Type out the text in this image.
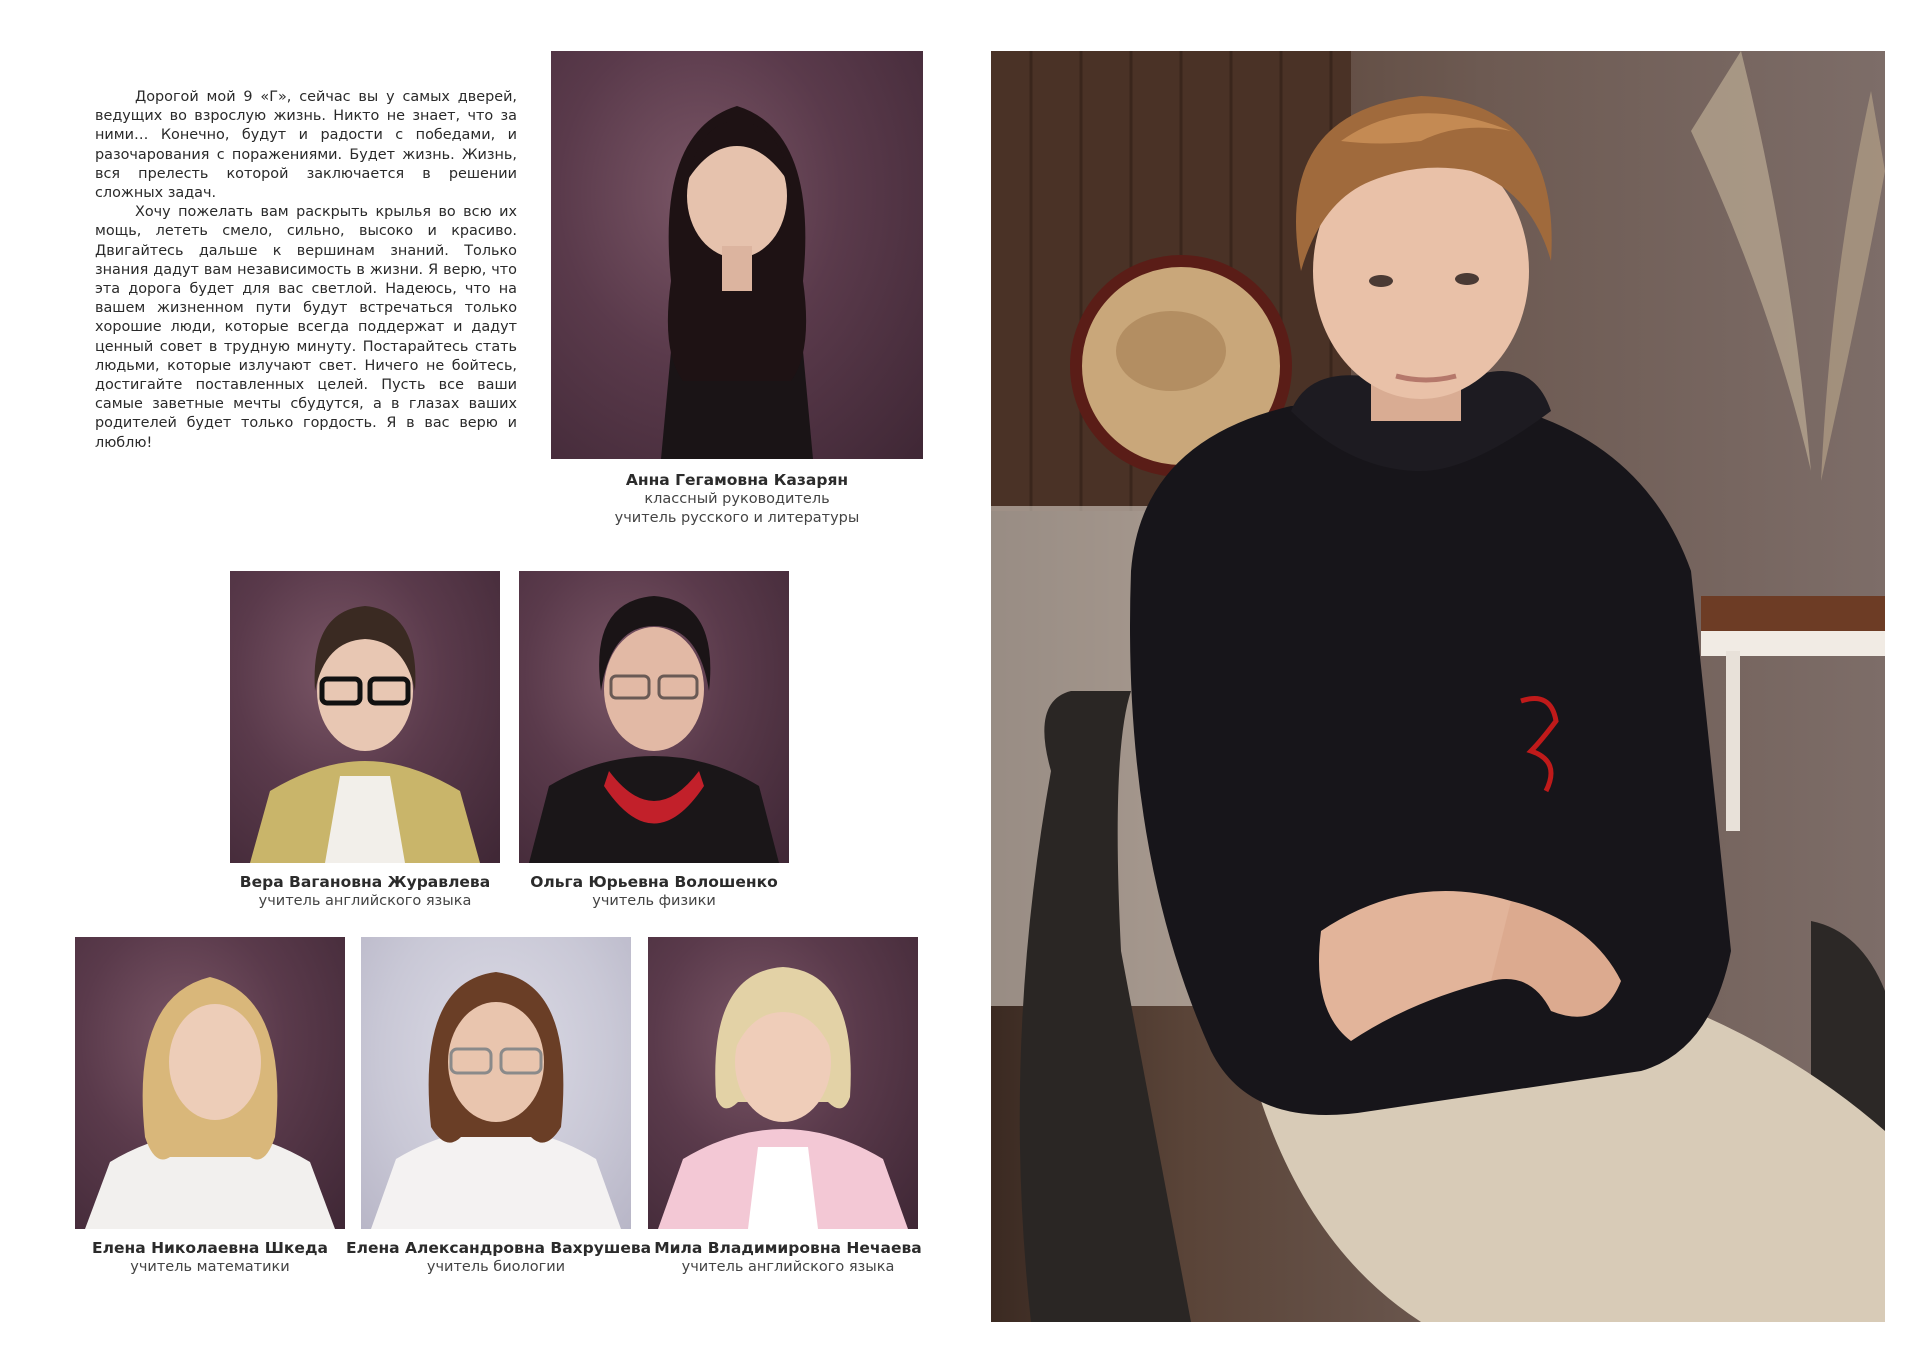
Дорогой мой 9 «Г», сейчас вы у самых дверей, ведущих во взрослую жизнь. Никто не знает, что за ними… Конечно, будут и радости с победами, и разочарования с поражениями. Будет жизнь. Жизнь, вся прелесть которой заключается в решении сложных задач.

Хочу пожелать вам раскрыть крылья во всю их мощь, лететь смело, сильно, высоко и красиво. Двигайтесь дальше к вершинам знаний. Только знания дадут вам независимость в жизни. Я верю, что эта дорога будет для вас светлой. Надеюсь, что на вашем жизненном пути будут встречаться только хорошие люди, которые всегда поддержат и дадут ценный совет в трудную минуту. Постарайтесь стать людьми, которые излучают свет. Ничего не бойтесь, достигайте поставленных целей. Пусть все ваши самые заветные мечты сбудутся, а в глазах ваших родителей будет только гордость. Я в вас верю и люблю!

Анна Гегамовна Казарян
классный руководитель
учитель русского и литературы
Вера Вагановна Журавлева
учитель английского языка
Ольга Юрьевна Волошенко
учитель физики
Елена Николаевна Шкеда
учитель математики
Елена Александровна Вахрушева
учитель биологии
Мила Владимировна Нечаева
учитель английского языка
